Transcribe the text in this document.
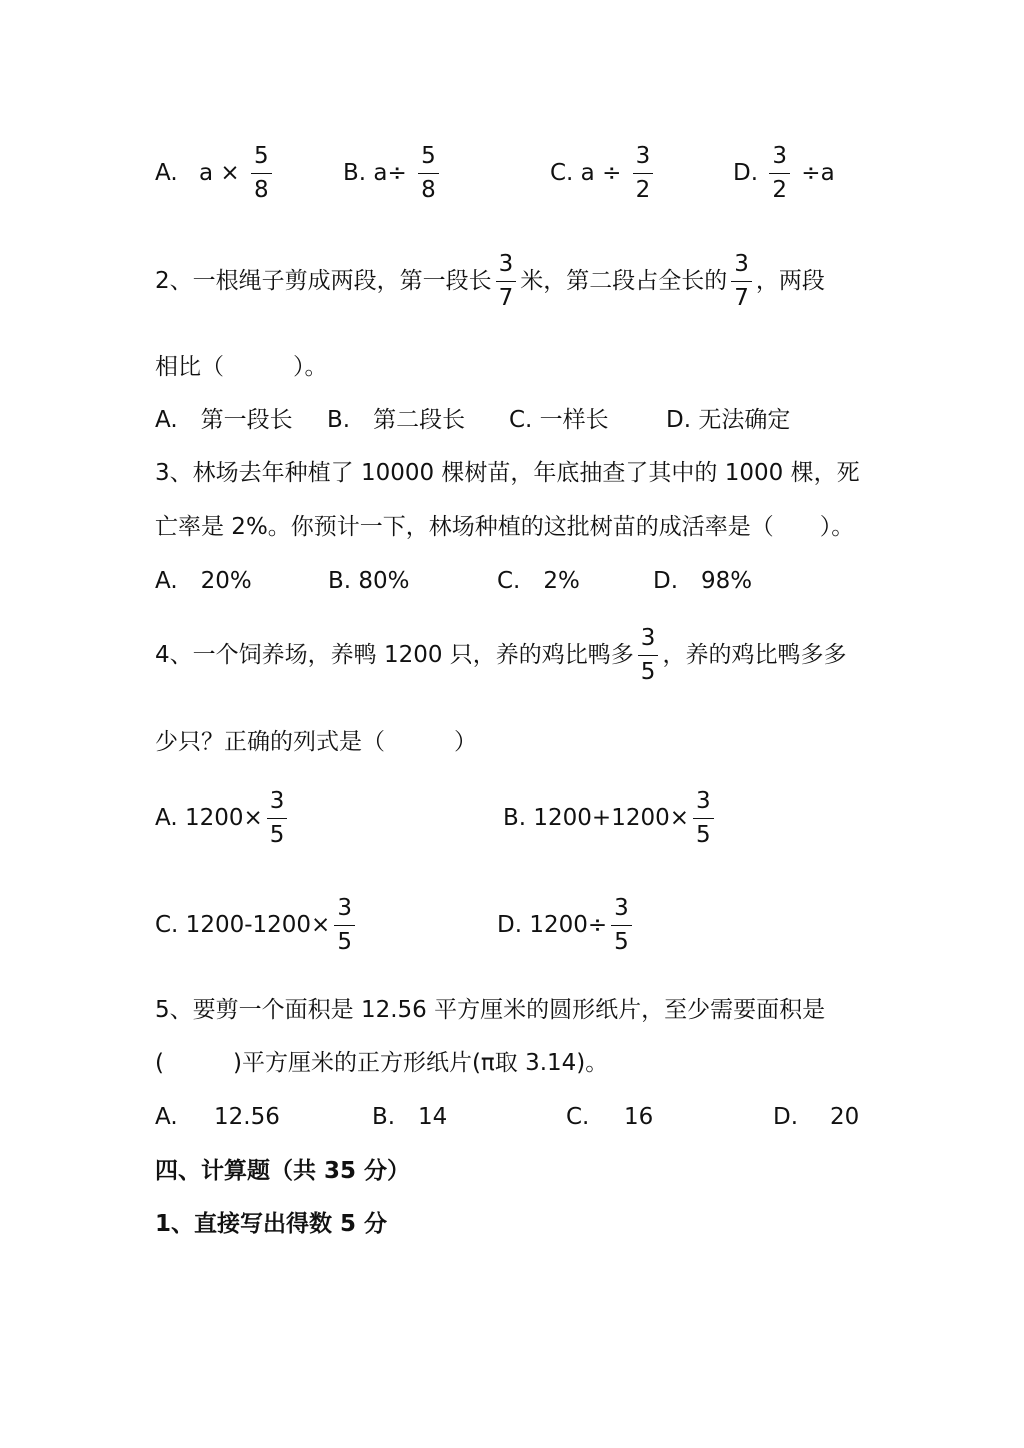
A. $a \times \frac{5}{8}$	B. $a\div \frac{5}{8}$	C. $a \div \frac{3}{2}$	D. $\frac{3}{2} \div a$
2、一根绳子剪成两段，第一段长 $\frac{3}{7}$ 米，第二段占全长的 $\frac{3}{7}$ ，两段
相比（　　　）。
A.　第一段长 B.　第二段长 C. 一样长 D. 无法确定
3、林场去年种植了 10000 棵树苗，年底抽查了其中的 1000 棵，死
亡率是 2%。你预计一下，林场种植的这批树苗的成活率是（　　）。
A.　20%	B. 80%	C.　2%	D.　98%
4、一个饲养场，养鸭 1200 只，养的鸡比鸭多 $\frac{3}{5}$ ，养的鸡比鸭多多
少只？正确的列式是（　　　）
A. $1200\times \frac{3}{5}$	B. $1200+1200\times \frac{3}{5}$
C. $1200-1200\times \frac{3}{5}$	D. $1200\div \frac{3}{5}$
5、要剪一个面积是 12.56 平方厘米的圆形纸片，至少需要面积是
(　　　)平方厘米的正方形纸片(π取 3.14)。
A. 12.56	B. 14	C. 16	D. 20
四、计算题（共 35 分）
1、直接写出得数 5 分
